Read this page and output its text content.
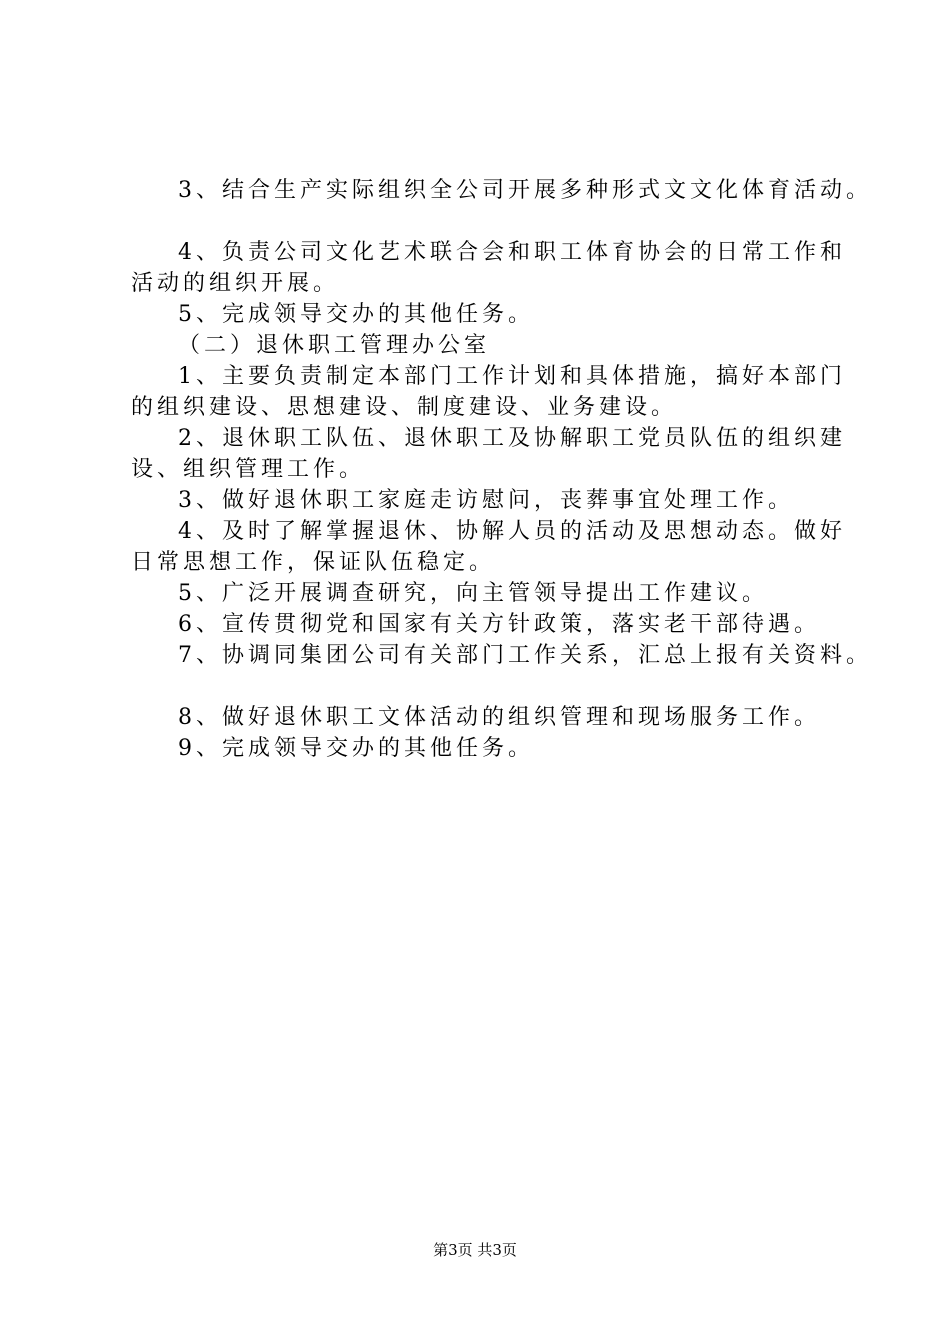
3、结合生产实际组织全公司开展多种形式文文化体育活动。
4、负责公司文化艺术联合会和职工体育协会的日常工作和
活动的组织开展。
5、完成领导交办的其他任务。
（二）退休职工管理办公室
1、主要负责制定本部门工作计划和具体措施，搞好本部门
的组织建设、思想建设、制度建设、业务建设。
2、退休职工队伍、退休职工及协解职工党员队伍的组织建
设、组织管理工作。
3、做好退休职工家庭走访慰问，丧葬事宜处理工作。
4、及时了解掌握退休、协解人员的活动及思想动态。做好
日常思想工作，保证队伍稳定。
5、广泛开展调查研究，向主管领导提出工作建议。
6、宣传贯彻党和国家有关方针政策，落实老干部待遇。
7、协调同集团公司有关部门工作关系，汇总上报有关资料。
8、做好退休职工文体活动的组织管理和现场服务工作。
9、完成领导交办的其他任务。
第3页 共3页
